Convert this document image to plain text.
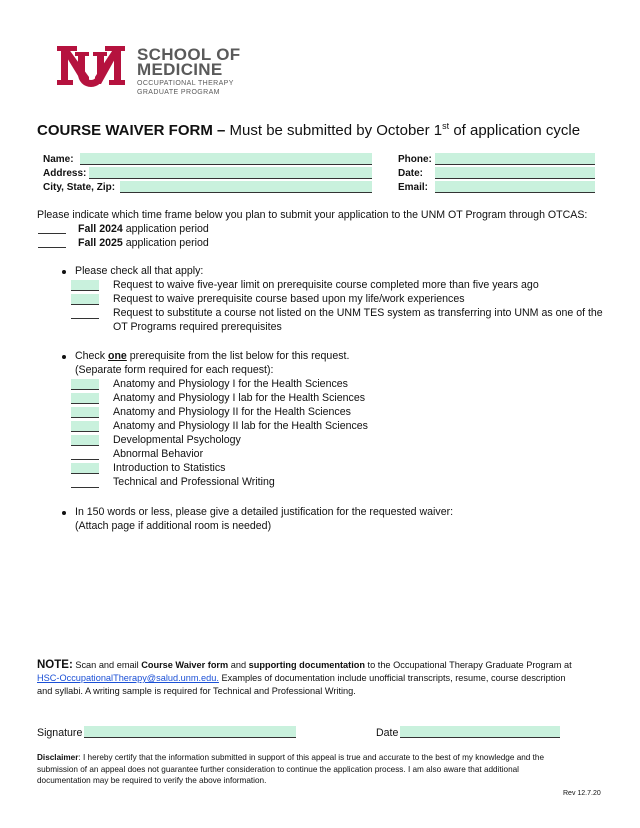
SCHOOL OF
MEDICINE
OCCUPATIONAL THERAPY
GRADUATE PROGRAM
COURSE WAIVER FORM – Must be submitted by October 1st of application cycle
Name:
Address:
City, State, Zip:
Phone:
Date:
Email:
Please indicate which time frame below you plan to submit your application to the UNM OT Program through OTCAS:
Fall 2024 application period
Fall 2025 application period
Please check all that apply:
Request to waive five-year limit on prerequisite course completed more than five years ago
Request to waive prerequisite course based upon my life/work experiences
Request to substitute a course not listed on the UNM TES system as transferring into UNM as one of the
OT Programs required prerequisites
Check one prerequisite from the list below for this request.
(Separate form required for each request):
Anatomy and Physiology I for the Health Sciences
Anatomy and Physiology I lab for the Health Sciences
Anatomy and Physiology II for the Health Sciences
Anatomy and Physiology II lab for the Health Sciences
Developmental Psychology
Abnormal Behavior
Introduction to Statistics
Technical and Professional Writing
In 150 words or less, please give a detailed justification for the requested waiver:
(Attach page if additional room is needed)
NOTE: Scan and email Course Waiver form and supporting documentation to the Occupational Therapy Graduate Program at
HSC-OccupationalTherapy@salud.unm.edu. Examples of documentation include unofficial transcripts, resume, course description
and syllabi. A writing sample is required for Technical and Professional Writing.
Signature	Date
Disclaimer: I hereby certify that the information submitted in support of this appeal is true and accurate to the best of my knowledge and the
submission of an appeal does not guarantee further consideration to continue the application process. I am also aware that additional
documentation may be required to verify the above information.
Rev 12.7.20
